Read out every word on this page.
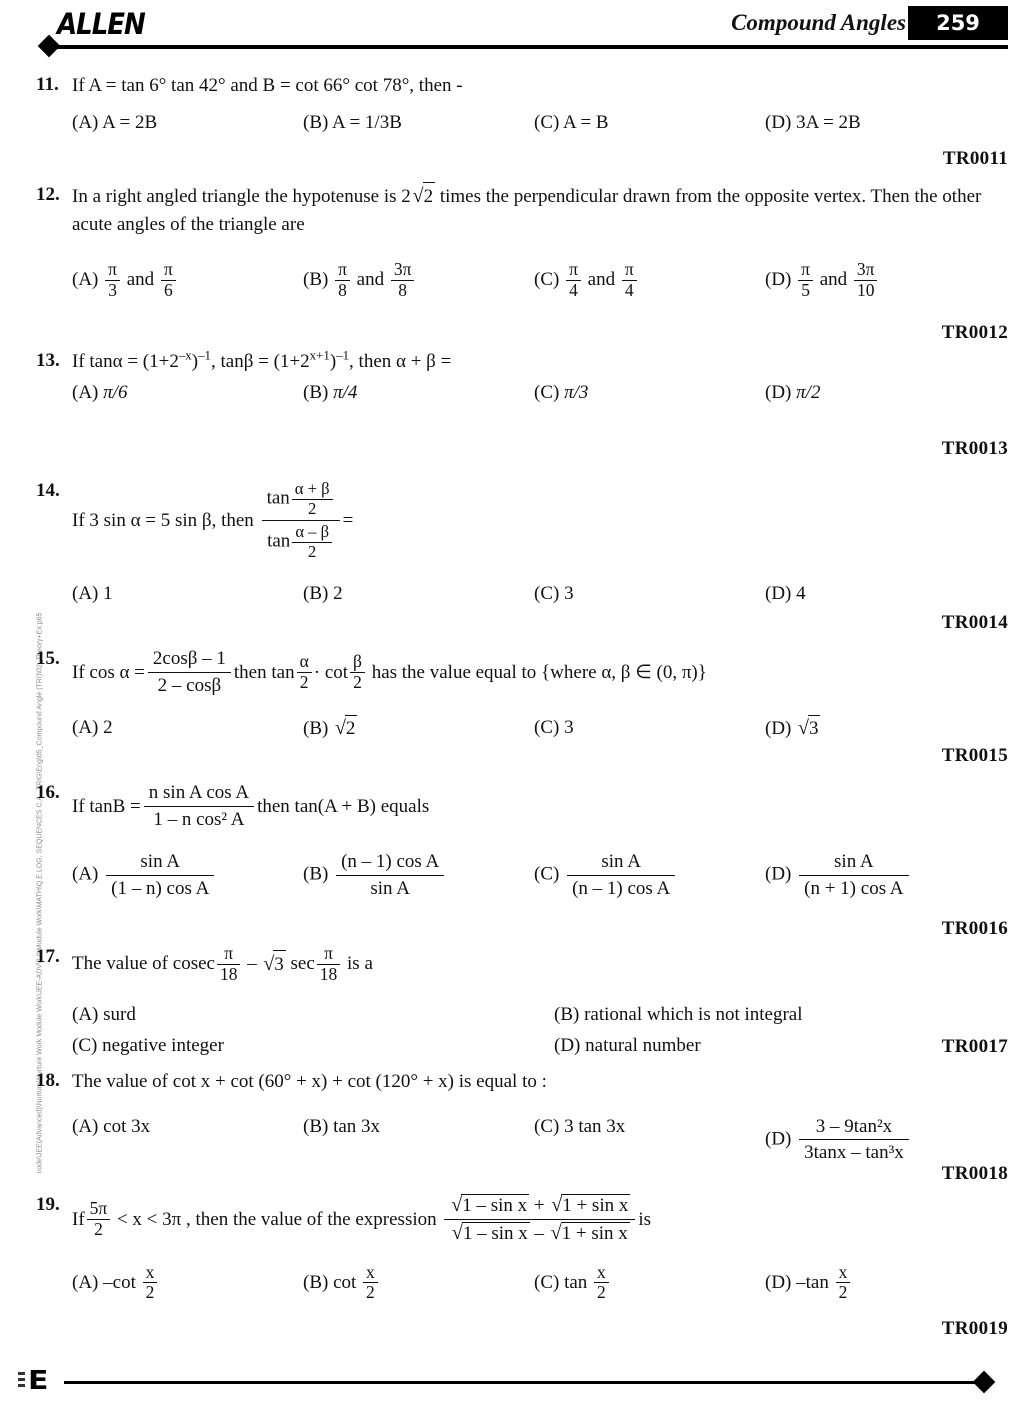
ALLEN	Compound Angles	259
node\JEE(Advanced)\Nurture\Nurture Work Module Work\JEE-ADV\2.0 Module Work\MATH\Q.E.LOG, SEQUENCES C.A., TRIG\Eng\05_Compound Angle (TRI)\02_Theory+Ex.p65
11. If A = tan 6° tan 42° and B = cot 66° cot 78°, then -
(A) A = 2B	(B) A = 1/3B	(C) A = B	(D) 3A = 2B
TR0011
12. In a right angled triangle the hypotenuse is 2√2 times the perpendicular drawn from the opposite vertex. Then the other acute angles of the triangle are
$(A) \frac{\pi}{3}$ and $\frac{\pi}{6}$	$(B) \frac{\pi}{8}$ and $\frac{3\pi}{8}$	$(C) \frac{\pi}{4}$ and $\frac{\pi}{4}$	$(D) \frac{\pi}{5}$ and $\frac{3\pi}{10}$
TR0012
13. If $\tan\alpha = (1+2^{-x})^{-1}$, $\tan\beta = (1+2^{x+1})^{-1}$, then α + β =
(A) π/6	(B) π/4	(C) π/3	(D) π/2
TR0013
14.
If 3 sin α = 5 sin β, then
$\frac{\tan \frac{\alpha + \beta}{2}}{\tan \frac{\alpha - \beta}{2}}$ =
(A) 1	(B) 2	(C) 3	(D) 4
TR0014
15.
If $\cos \alpha = \frac{2\cos\beta - 1}{2 - \cos\beta}$ then $\tan \frac{\alpha}{2} \cdot \cot \frac{\beta}{2}$
has the value equal to {where α, β ∈ (0, π)}
(A) 2	(B) √2	(C) 3	(D) √3
TR0015
16.
If $\tan B = \frac{\text{n sin A cos A}}{\text{1 – n cos² A}}$ then tan(A + B) equals
$(A) \frac{\text{sin A}}{\text{(1 – n) cos A}}$	$(B) \frac{\text{(n – 1) cos A}}{\text{sin A}}$	$(C) \frac{\text{sin A}}{\text{(n – 1) cos A}}$	$(D) \frac{\text{sin A}}{\text{(n + 1) cos A}}$
TR0016
17. The value of cosec $\frac{\pi}{18}$
–
√3
$\sec \frac{\pi}{18}$
is a
(A) surd	(B) rational which is not integral
(C) negative integer	(D) natural number	TR0017
18. The value of cot x + cot (60° + x) + cot (120° + x) is equal to :
(A) cot 3x	(B) tan 3x	(C) 3 tan 3x
$(D) \frac{\text{3 – 9tan²x}}{\text{3tanx – tan³x}}$
TR0018
19.
If $\frac{5\pi}{2}$
< x < 3π , then the value of the expression
$\frac{\text{√1 – sin x + √1 + sin x}}{\text{√1 – sin x – √1 + sin x}}$ is
(A) $-\cot \frac{x}{2}$	(B) $\cot \frac{x}{2}$	(C) $\tan \frac{x}{2}$	(D) $-\tan \frac{x}{2}$
TR0019
E
